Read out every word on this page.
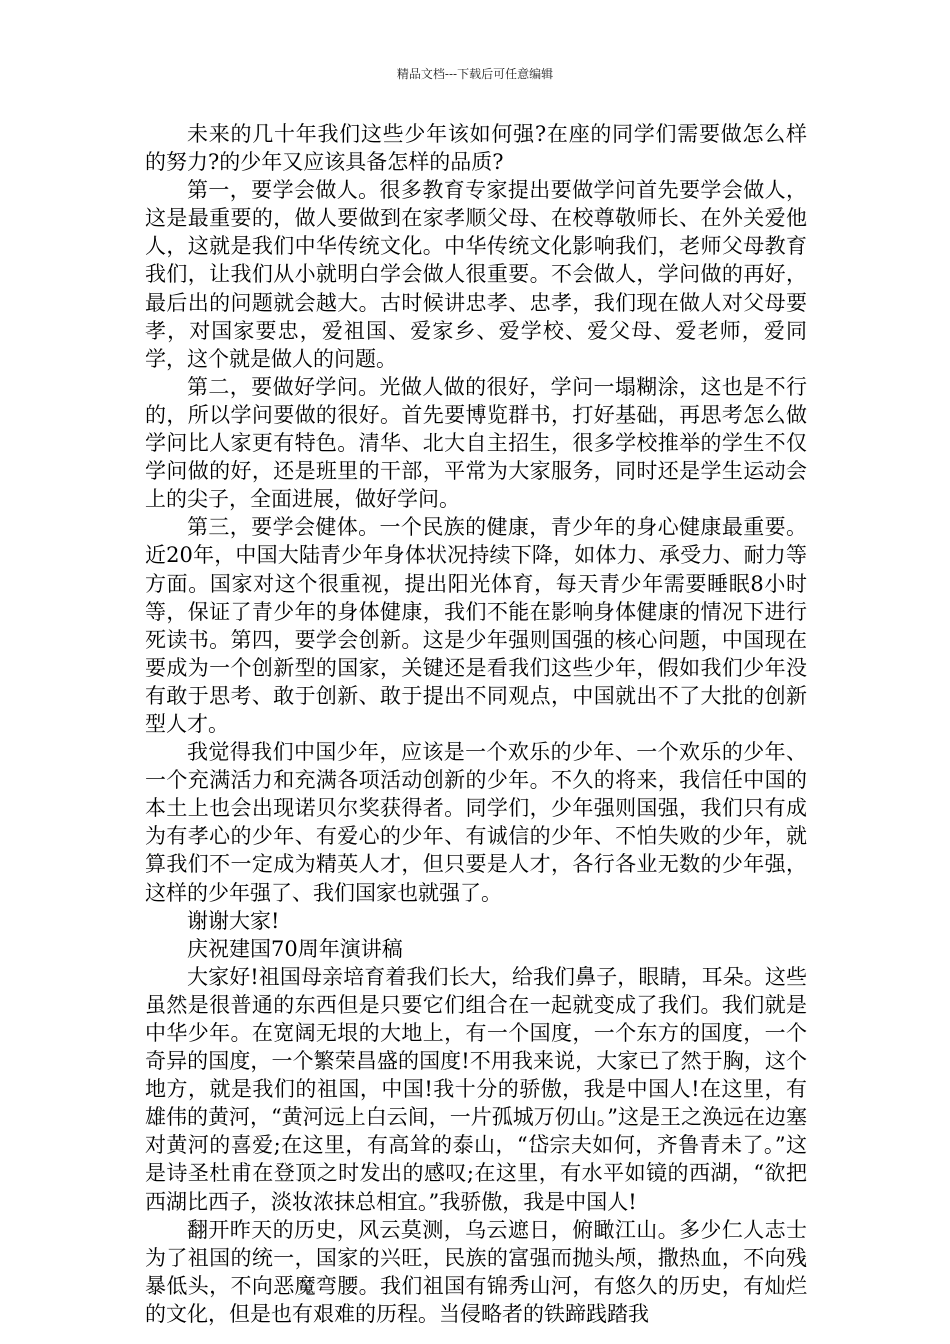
精品文档---下载后可任意编辑

未来的几十年我们这些少年该如何强?在座的同学们需要做怎么样的努力?的少年又应该具备怎样的品质?

第一，要学会做人。很多教育专家提出要做学问首先要学会做人，这是最重要的，做人要做到在家孝顺父母、在校尊敬师长、在外关爱他人，这就是我们中华传统文化。中华传统文化影响我们，老师父母教育我们，让我们从小就明白学会做人很重要。不会做人，学问做的再好，最后出的问题就会越大。古时候讲忠孝、忠孝，我们现在做人对父母要孝，对国家要忠，爱祖国、爱家乡、爱学校、爱父母、爱老师，爱同学，这个就是做人的问题。

第二，要做好学问。光做人做的很好，学问一塌糊涂，这也是不行的，所以学问要做的很好。首先要博览群书，打好基础，再思考怎么做学问比人家更有特色。清华、北大自主招生，很多学校推举的学生不仅学问做的好，还是班里的干部，平常为大家服务，同时还是学生运动会上的尖子，全面进展，做好学问。

第三，要学会健体。一个民族的健康，青少年的身心健康最重要。近20年，中国大陆青少年身体状况持续下降，如体力、承受力、耐力等方面。国家对这个很重视，提出阳光体育，每天青少年需要睡眠8小时等，保证了青少年的身体健康，我们不能在影响身体健康的情况下进行死读书。第四，要学会创新。这是少年强则国强的核心问题，中国现在要成为一个创新型的国家，关键还是看我们这些少年，假如我们少年没有敢于思考、敢于创新、敢于提出不同观点，中国就出不了大批的创新型人才。

我觉得我们中国少年，应该是一个欢乐的少年、一个欢乐的少年、一个充满活力和充满各项活动创新的少年。不久的将来，我信任中国的本土上也会出现诺贝尔奖获得者。同学们，少年强则国强，我们只有成为有孝心的少年、有爱心的少年、有诚信的少年、不怕失败的少年，就算我们不一定成为精英人才，但只要是人才，各行各业无数的少年强，这样的少年强了、我们国家也就强了。

谢谢大家!

庆祝建国70周年演讲稿

大家好!祖国母亲培育着我们长大，给我们鼻子，眼睛，耳朵。这些虽然是很普通的东西但是只要它们组合在一起就变成了我们。我们就是中华少年。在宽阔无垠的大地上，有一个国度，一个东方的国度，一个奇异的国度，一个繁荣昌盛的国度!不用我来说，大家已了然于胸，这个地方，就是我们的祖国，中国!我十分的骄傲，我是中国人!在这里，有雄伟的黄河，“黄河远上白云间，一片孤城万仞山。”这是王之涣远在边塞对黄河的喜爱;在这里，有高耸的泰山，“岱宗夫如何，齐鲁青未了。”这是诗圣杜甫在登顶之时发出的感叹;在这里，有水平如镜的西湖，“欲把西湖比西子，淡妆浓抹总相宜。”我骄傲，我是中国人!

翻开昨天的历史，风云莫测，乌云遮日，俯瞰江山。多少仁人志士为了祖国的统一，国家的兴旺，民族的富强而抛头颅，撒热血，不向残暴低头，不向恶魔弯腰。我们祖国有锦秀山河，有悠久的历史，有灿烂的文化，但是也有艰难的历程。当侵略者的铁蹄践踏我
